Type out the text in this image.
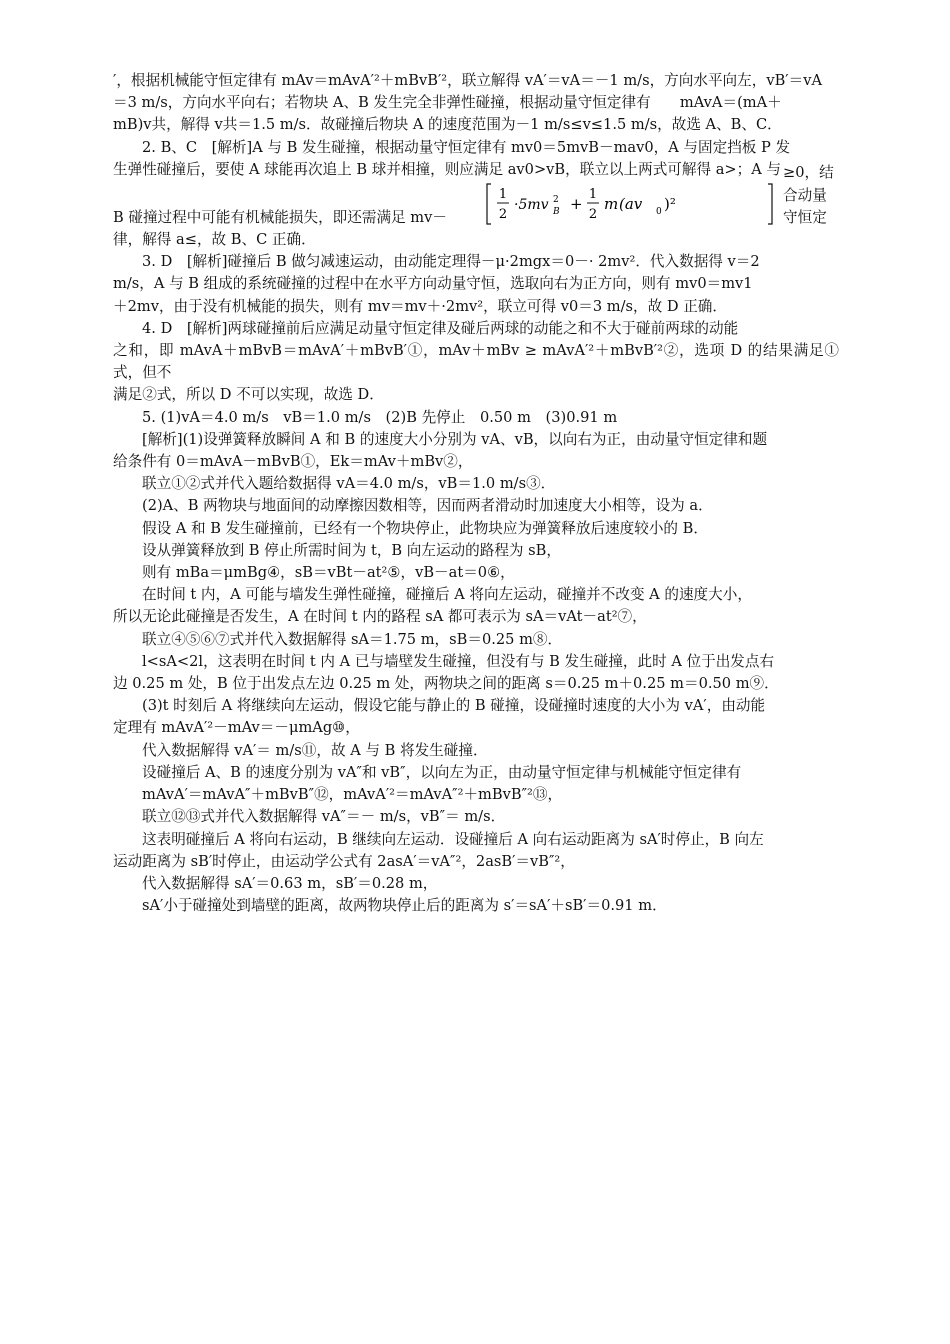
′，根据机械能守恒定律有 mAv＝mAvA′²＋mBvB′²，联立解得 vA′＝vA＝－1 m/s，方向水平向左，vB′＝vA

＝3 m/s，方向水平向右；若物块 A、B 发生完全非弹性碰撞，根据动量守恒定律有　　mAvA＝(mA＋

mB)v共，解得 v共＝1.5 m/s．故碰撞后物块 A 的速度范围为－1 m/s≤v≤1.5 m/s，故选 A、B、C．

2. B、C　[解析]A 与 B 发生碰撞，根据动量守恒定律有 mv0＝5mvB－mav0，A 与固定挡板 P 发

生弹性碰撞后，要使 A 球能再次追上 B 球并相撞，则应满足 av0>vB，联立以上两式可解得 a>；A 与

B 碰撞过程中可能有机械能损失，即还需满足 mv－
1
2
·5mv B
2 +
1
2
m (av 0 )²
≥0，结合动量守恒定

律，解得 a≤，故 B、C 正确．

3. D　[解析]碰撞后 B 做匀减速运动，由动能定理得－μ·2mgx＝0－· 2mv²．代入数据得 v＝2

m/s，A 与 B 组成的系统碰撞的过程中在水平方向动量守恒，选取向右为正方向，则有 mv0＝mv1

＋2mv，由于没有机械能的损失，则有 mv＝mv＋·2mv²，联立可得 v0＝3 m/s，故 D 正确．

4. D　[解析]两球碰撞前后应满足动量守恒定律及碰后两球的动能之和不大于碰前两球的动能

之和，即 mAvA＋mBvB＝mAvA′＋mBvB′①，mAv＋mBv ≥ mAvA′²＋mBvB′²②，选项 D 的结果满足①式，但不

满足②式，所以 D 不可以实现，故选 D．

5. (1)vA＝4.0 m/s　vB＝1.0 m/s　(2)B 先停止　0.50 m　(3)0.91 m

[解析](1)设弹簧释放瞬间 A 和 B 的速度大小分别为 vA、vB，以向右为正，由动量守恒定律和题

给条件有 0＝mAvA－mBvB①，Ek＝mAv＋mBv②，

联立①②式并代入题给数据得 vA＝4.0 m/s，vB＝1.0 m/s③．

(2)A、B 两物块与地面间的动摩擦因数相等，因而两者滑动时加速度大小相等，设为 a．

假设 A 和 B 发生碰撞前，已经有一个物块停止，此物块应为弹簧释放后速度较小的 B．

设从弹簧释放到 B 停止所需时间为 t，B 向左运动的路程为 sB，

则有 mBa＝μmBg④，sB＝vBt－at²⑤，vB－at＝0⑥，

在时间 t 内，A 可能与墙发生弹性碰撞，碰撞后 A 将向左运动，碰撞并不改变 A 的速度大小，

所以无论此碰撞是否发生，A 在时间 t 内的路程 sA 都可表示为 sA＝vAt－at²⑦，

联立④⑤⑥⑦式并代入数据解得 sA＝1.75 m，sB＝0.25 m⑧．

l<sA<2l，这表明在时间 t 内 A 已与墙壁发生碰撞，但没有与 B 发生碰撞，此时 A 位于出发点右

边 0.25 m 处，B 位于出发点左边 0.25 m 处，两物块之间的距离 s＝0.25 m＋0.25 m＝0.50 m⑨．

(3)t 时刻后 A 将继续向左运动，假设它能与静止的 B 碰撞，设碰撞时速度的大小为 vA′，由动能

定理有 mAvA′²－mAv＝－μmAg⑩，

代入数据解得 vA′＝ m/s⑪，故 A 与 B 将发生碰撞．

设碰撞后 A、B 的速度分别为 vA″和 vB″，以向左为正，由动量守恒定律与机械能守恒定律有

mAvA′＝mAvA″＋mBvB″⑫，mAvA′²＝mAvA″²＋mBvB″²⑬，

联立⑫⑬式并代入数据解得 vA″＝－ m/s，vB″＝ m/s．

这表明碰撞后 A 将向右运动，B 继续向左运动．设碰撞后 A 向右运动距离为 sA′时停止，B 向左

运动距离为 sB′时停止，由运动学公式有 2asA′＝vA″²，2asB′＝vB″²，

代入数据解得 sA′＝0.63 m，sB′＝0.28 m，

sA′小于碰撞处到墙壁的距离，故两物块停止后的距离为 s′＝sA′＋sB′＝0.91 m．
